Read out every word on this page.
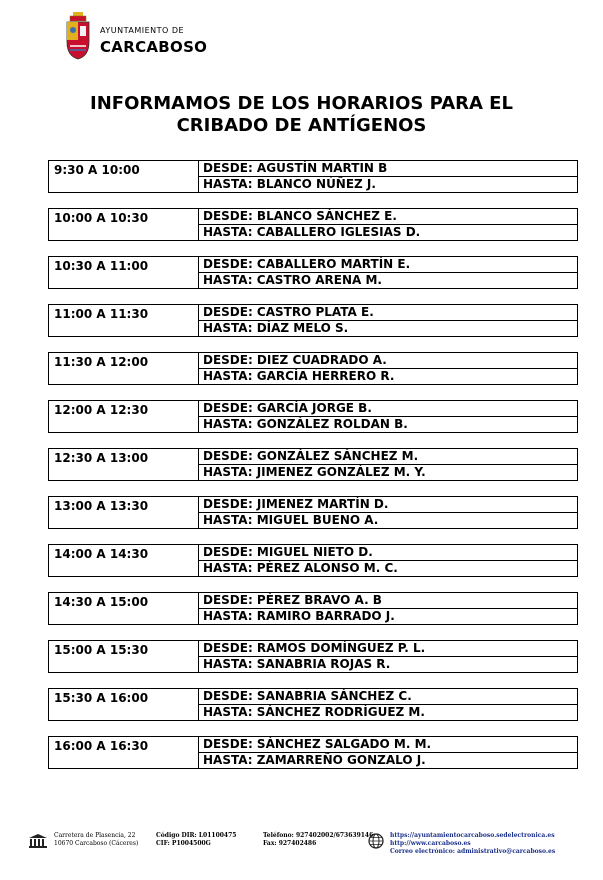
AYUNTAMIENTO DE
CARCABOSO
INFORMAMOS DE LOS HORARIOS PARA EL
CRIBADO DE ANTÍGENOS
9:30 A 10:00	DESDE: AGUSTÍN MARTIN B
HASTA: BLANCO NÚÑEZ J.
10:00 A 10:30	DESDE: BLANCO SÁNCHEZ E.
HASTA: CABALLERO IGLESIAS D.
10:30 A 11:00	DESDE: CABALLERO MARTÍN E.
HASTA: CASTRO ARENA M.
11:00 A 11:30	DESDE: CASTRO PLATA E.
HASTA: DÍAZ MELO S.
11:30 A 12:00	DESDE: DIEZ CUADRADO A.
HASTA: GARCÍA HERRERO R.
12:00 A 12:30	DESDE: GARCÍA JORGE B.
HASTA: GONZÁLEZ ROLDAN B.
12:30 A 13:00	DESDE: GONZÁLEZ SÁNCHEZ M.
HASTA: JIMENEZ GONZÁLEZ M. Y.
13:00 A 13:30	DESDE: JIMENEZ MARTÍN D.
HASTA: MIGUEL BUENO A.
14:00 A 14:30	DESDE: MIGUEL NIETO D.
HASTA: PÉREZ ALONSO M. C.
14:30 A 15:00	DESDE: PÉREZ BRAVO A. B
HASTA: RAMIRO BARRADO J.
15:00 A 15:30	DESDE: RAMOS DOMÍNGUEZ P. L.
HASTA: SANABRIA ROJAS R.
15:30 A 16:00	DESDE: SANABRIA SÁNCHEZ C.
HASTA: SÁNCHEZ RODRÍGUEZ M.
16:00 A 16:30	DESDE: SÁNCHEZ SALGADO M. M.
HASTA: ZAMARREÑO GONZALO J.
Carretera de Plasencia, 22
10670 Carcaboso (Cáceres)
Código DIR: L01100475
CIF: P1004500G
Teléfono: 927402002/673639146
Fax: 927402486
https://ayuntamientocarcaboso.sedelectronica.es
http://www.carcaboso.es
Correo electrónico: administrativo@carcaboso.es
